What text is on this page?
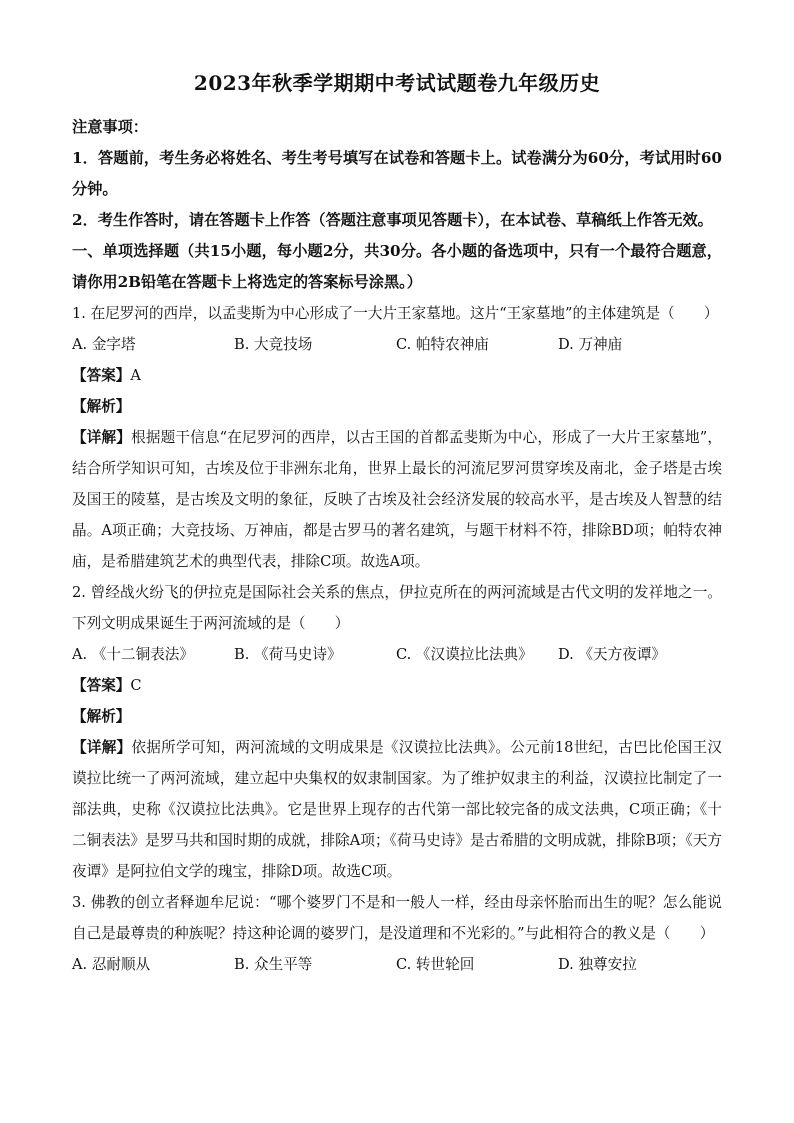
2023年秋季学期期中考试试题卷九年级历史
注意事项：
1．答题前，考生务必将姓名、考生考号填写在试卷和答题卡上。试卷满分为60分，考试用时60分钟。
2．考生作答时，请在答题卡上作答（答题注意事项见答题卡），在本试卷、草稿纸上作答无效。
一、单项选择题（共15小题，每小题2分，共30分。各小题的备选项中，只有一个最符合题意，请你用2B铅笔在答题卡上将选定的答案标号涂黑。）
1. 在尼罗河的西岸，以孟斐斯为中心形成了一大片王家墓地。这片“王家墓地”的主体建筑是（　　）
A. 金字塔	B. 大竞技场	C. 帕特农神庙	D. 万神庙
【答案】A
【解析】
【详解】根据题干信息“在尼罗河的西岸，以古王国的首都孟斐斯为中心，形成了一大片王家墓地”，结合所学知识可知，古埃及位于非洲东北角，世界上最长的河流尼罗河贯穿埃及南北，金子塔是古埃及国王的陵墓，是古埃及文明的象征，反映了古埃及社会经济发展的较高水平，是古埃及人智慧的结晶。A项正确；大竞技场、万神庙，都是古罗马的著名建筑，与题干材料不符，排除BD项；帕特农神庙，是希腊建筑艺术的典型代表，排除C项。故选A项。
2. 曾经战火纷飞的伊拉克是国际社会关系的焦点，伊拉克所在的两河流域是古代文明的发祥地之一。下列文明成果诞生于两河流域的是（　　）
A. 《十二铜表法》	B. 《荷马史诗》	C. 《汉谟拉比法典》	D. 《天方夜谭》
【答案】C
【解析】
【详解】依据所学可知，两河流域的文明成果是《汉谟拉比法典》。公元前18世纪，古巴比伦国王汉谟拉比统一了两河流域，建立起中央集权的奴隶制国家。为了维护奴隶主的利益，汉谟拉比制定了一部法典，史称《汉谟拉比法典》。它是世界上现存的古代第一部比较完备的成文法典，C项正确；《十二铜表法》是罗马共和国时期的成就，排除A项；《荷马史诗》是古希腊的文明成就，排除B项；《天方夜谭》是阿拉伯文学的瑰宝，排除D项。故选C项。
3. 佛教的创立者释迦牟尼说：“哪个婆罗门不是和一般人一样，经由母亲怀胎而出生的呢？怎么能说自己是最尊贵的种族呢？持这种论调的婆罗门，是没道理和不光彩的。”与此相符合的教义是（　　）
A. 忍耐顺从	B. 众生平等	C. 转世轮回	D. 独尊安拉
